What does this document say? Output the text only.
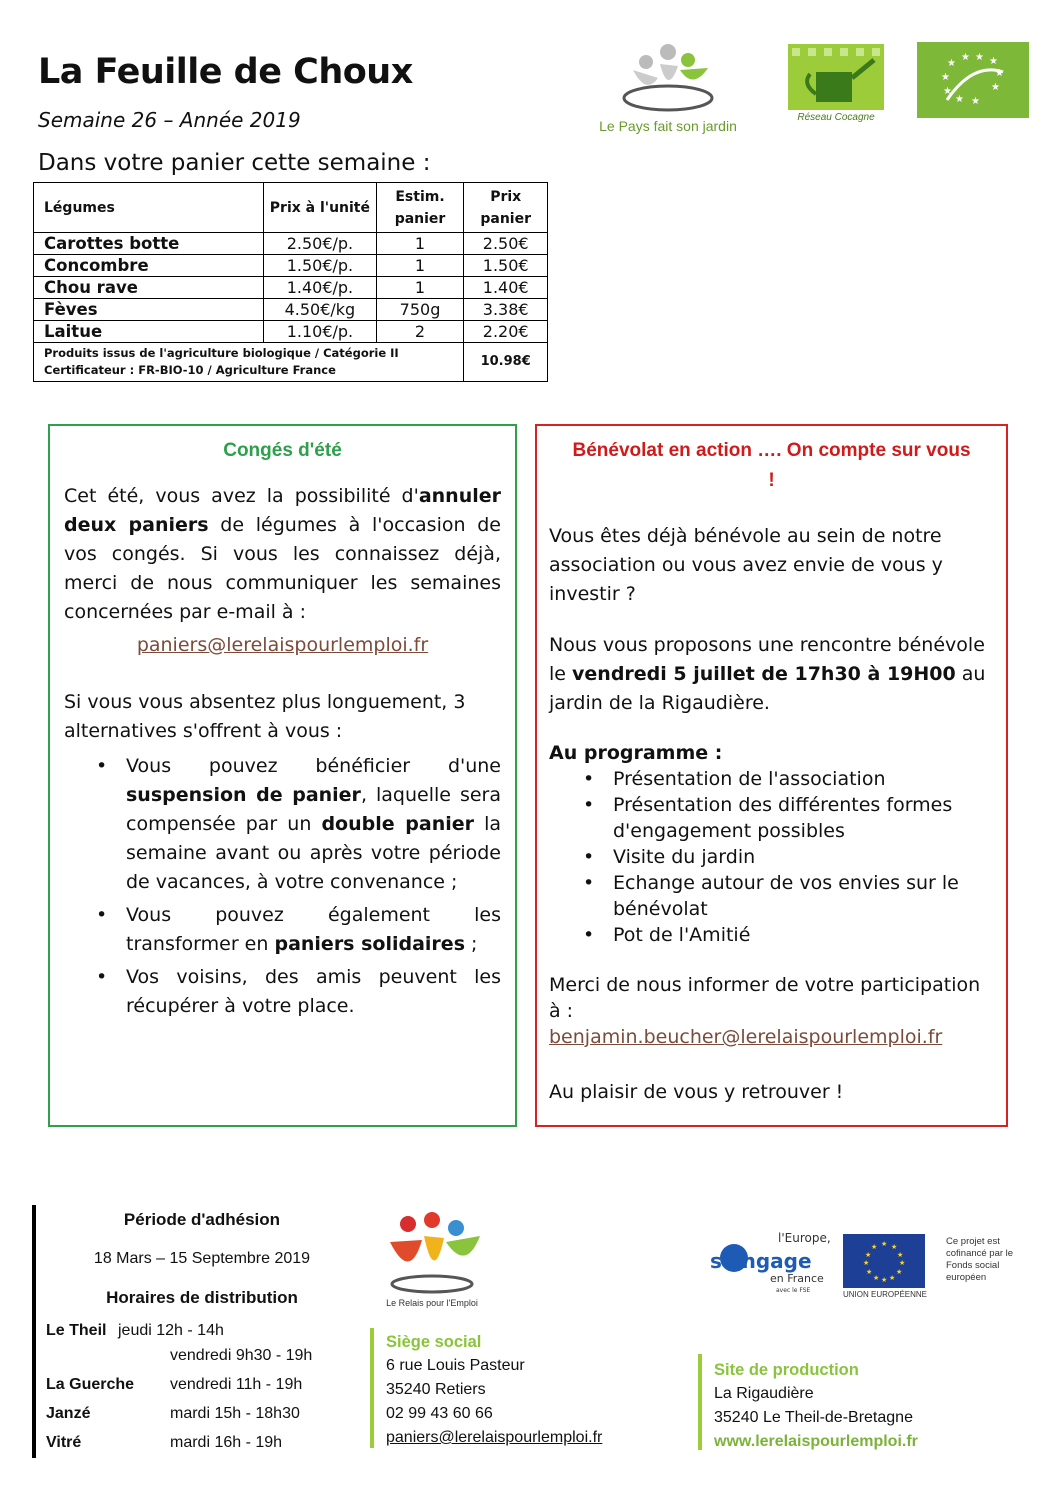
La Feuille de Choux
Semaine 26 – Année 2019
Dans votre panier cette semaine :
Le Pays fait son jardin
Réseau Cocagne
★
★ ★ ★
★	★
★	★
★ ★
Légumes	Prix à l'unité	Estim. panier	Prix panier
Carottes botte	2.50€/p.	1	2.50€
Concombre	1.50€/p.	1	1.50€
Chou rave	1.40€/p.	1	1.40€
Fèves	4.50€/kg	750g	3.38€
Laitue	1.10€/p.	2	2.20€
Produits issus de l'agriculture biologique / Catégorie II Certificateur : FR-BIO-10 / Agriculture France			10.98€
Congés d'été
Cet été, vous avez la possibilité d'annuler deux paniers de légumes à l'occasion de vos congés. Si vous les connaissez déjà, merci de nous communiquer les semaines concernées par e-mail à :
paniers@lerelaispourlemploi.fr
Si vous vous absentez plus longuement, 3 alternatives s'offrent à vous :
• Vous pouvez bénéficier d'une suspension de panier, laquelle sera compensée par un double panier la semaine avant ou après votre période de vacances, à votre convenance ;
• Vous pouvez également les transformer en paniers solidaires ;
• Vos voisins, des amis peuvent les récupérer à votre place.
Bénévolat en action …. On compte sur vous !
Vous êtes déjà bénévole au sein de notre association ou vous avez envie de vous y investir ?
Nous vous proposons une rencontre bénévole le vendredi 5 juillet de 17h30 à 19H00 au jardin de la Rigaudière.
Au programme :
• Présentation de l'association
• Présentation des différentes formes d'engagement possibles
• Visite du jardin
• Echange autour de vos envies sur le bénévolat
• Pot de l'Amitié
Merci de nous informer de votre participation à :
benjamin.beucher@lerelaispourlemploi.fr
Au plaisir de vous y retrouver !
Période d'adhésion
18 Mars – 15 Septembre 2019
Horaires de distribution
Le Theil jeudi 12h - 14h
vendredi 9h30 - 19h
La Guerche vendredi 11h - 19h
Janzé	mardi 15h - 18h30
Vitré	mardi 16h - 19h
Le Relais pour l'Emploi
Siège social
6 rue Louis Pasteur
35240 Retiers
02 99 43 60 66
paniers@lerelaispourlemploi.fr
l'Europe,
s'engage
en France
avec le FSE
★ ★
★
★
★
★
★
★
★
★
★
★
UNION EUROPÉENNE
Ce projet est cofinancé par le Fonds social européen
Site de production
La Rigaudière
35240 Le Theil-de-Bretagne
www.lerelaispourlemploi.fr
